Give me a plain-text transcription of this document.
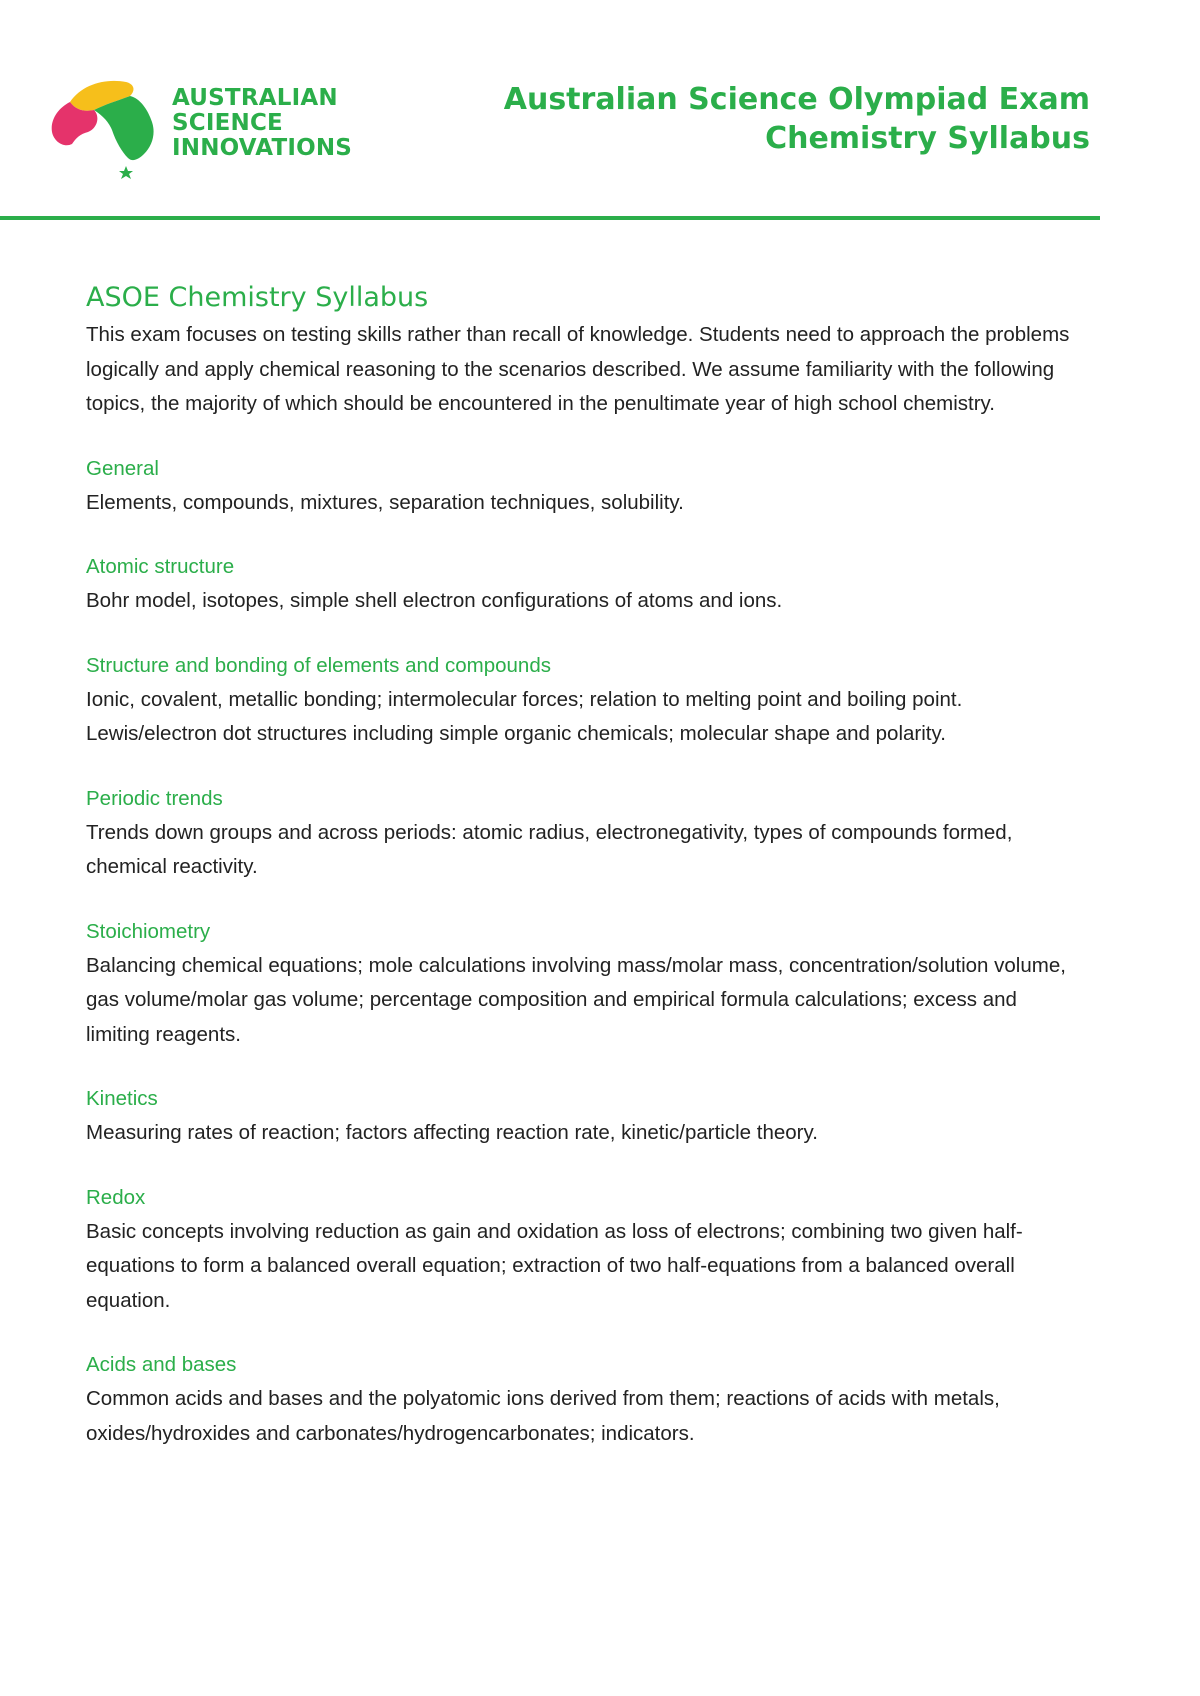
AUSTRALIAN
SCIENCE
INNOVATIONS
Australian Science Olympiad Exam
Chemistry Syllabus
ASOE Chemistry Syllabus

This exam focuses on testing skills rather than recall of knowledge. Students need to approach the problems logically and apply chemical reasoning to the scenarios described. We assume familiarity with the following topics, the majority of which should be encountered in the penultimate year of high school chemistry.

General

Elements, compounds, mixtures, separation techniques, solubility.

Atomic structure

Bohr model, isotopes, simple shell electron configurations of atoms and ions.

Structure and bonding of elements and compounds

Ionic, covalent, metallic bonding; intermolecular forces; relation to melting point and boiling point. Lewis/electron dot structures including simple organic chemicals; molecular shape and polarity.

Periodic trends

Trends down groups and across periods: atomic radius, electronegativity, types of compounds formed, chemical reactivity.

Stoichiometry

Balancing chemical equations; mole calculations involving mass/molar mass, concentration/solution volume, gas volume/molar gas volume; percentage composition and empirical formula calculations; excess and limiting reagents.

Kinetics

Measuring rates of reaction; factors affecting reaction rate, kinetic/particle theory.

Redox

Basic concepts involving reduction as gain and oxidation as loss of electrons; combining two given half-equations to form a balanced overall equation; extraction of two half-equations from a balanced overall equation.

Acids and bases

Common acids and bases and the polyatomic ions derived from them; reactions of acids with metals, oxides/hydroxides and carbonates/hydrogencarbonates; indicators.
